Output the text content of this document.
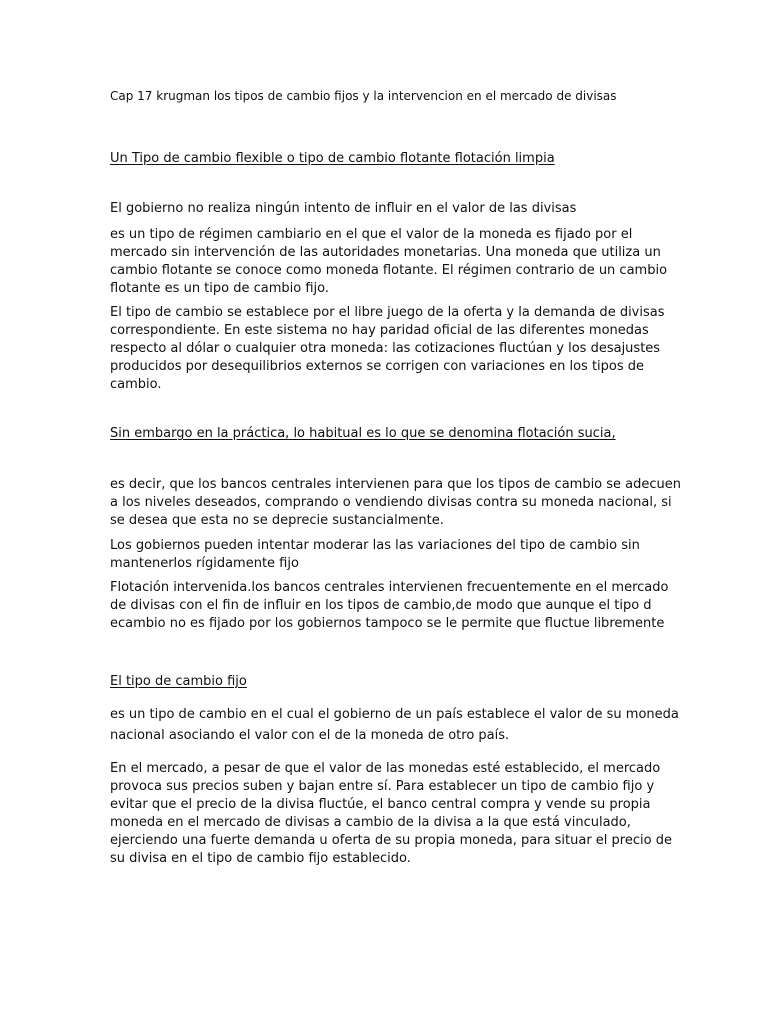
Cap 17 krugman los tipos de cambio fijos y la intervencion en el mercado de divisas
Un Tipo de cambio flexible o tipo de cambio flotante flotación limpia
El gobierno no realiza ningún intento de influir en el valor de las divisas
es un tipo de régimen cambiario en el que el valor de la moneda es fijado por el
mercado sin intervención de las autoridades monetarias. Una moneda que utiliza un
cambio flotante se conoce como moneda flotante. El régimen contrario de un cambio
flotante es un tipo de cambio fijo.
El tipo de cambio se establece por el libre juego de la oferta y la demanda de divisas
correspondiente. En este sistema no hay paridad oficial de las diferentes monedas
respecto al dólar o cualquier otra moneda: las cotizaciones fluctúan y los desajustes
producidos por desequilibrios externos se corrigen con variaciones en los tipos de
cambio.
Sin embargo en la práctica, lo habitual es lo que se denomina flotación sucia,
es decir, que los bancos centrales intervienen para que los tipos de cambio se adecuen
a los niveles deseados, comprando o vendiendo divisas contra su moneda nacional, si
se desea que esta no se deprecie sustancialmente.
Los gobiernos pueden intentar moderar las las variaciones del tipo de cambio sin
mantenerlos rígidamente fijo
Flotación intervenida.los bancos centrales intervienen frecuentemente en el mercado
de divisas con el fin de influir en los tipos de cambio,de modo que aunque el tipo d
ecambio no es fijado por los gobiernos tampoco se le permite que fluctue libremente
El tipo de cambio fijo
es un tipo de cambio en el cual el gobierno de un país establece el valor de su moneda
nacional asociando el valor con el de la moneda de otro país.
En el mercado, a pesar de que el valor de las monedas esté establecido, el mercado
provoca sus precios suben y bajan entre sí. Para establecer un tipo de cambio fijo y
evitar que el precio de la divisa fluctúe, el banco central compra y vende su propia
moneda en el mercado de divisas a cambio de la divisa a la que está vinculado,
ejerciendo una fuerte demanda u oferta de su propia moneda, para situar el precio de
su divisa en el tipo de cambio fijo establecido.
